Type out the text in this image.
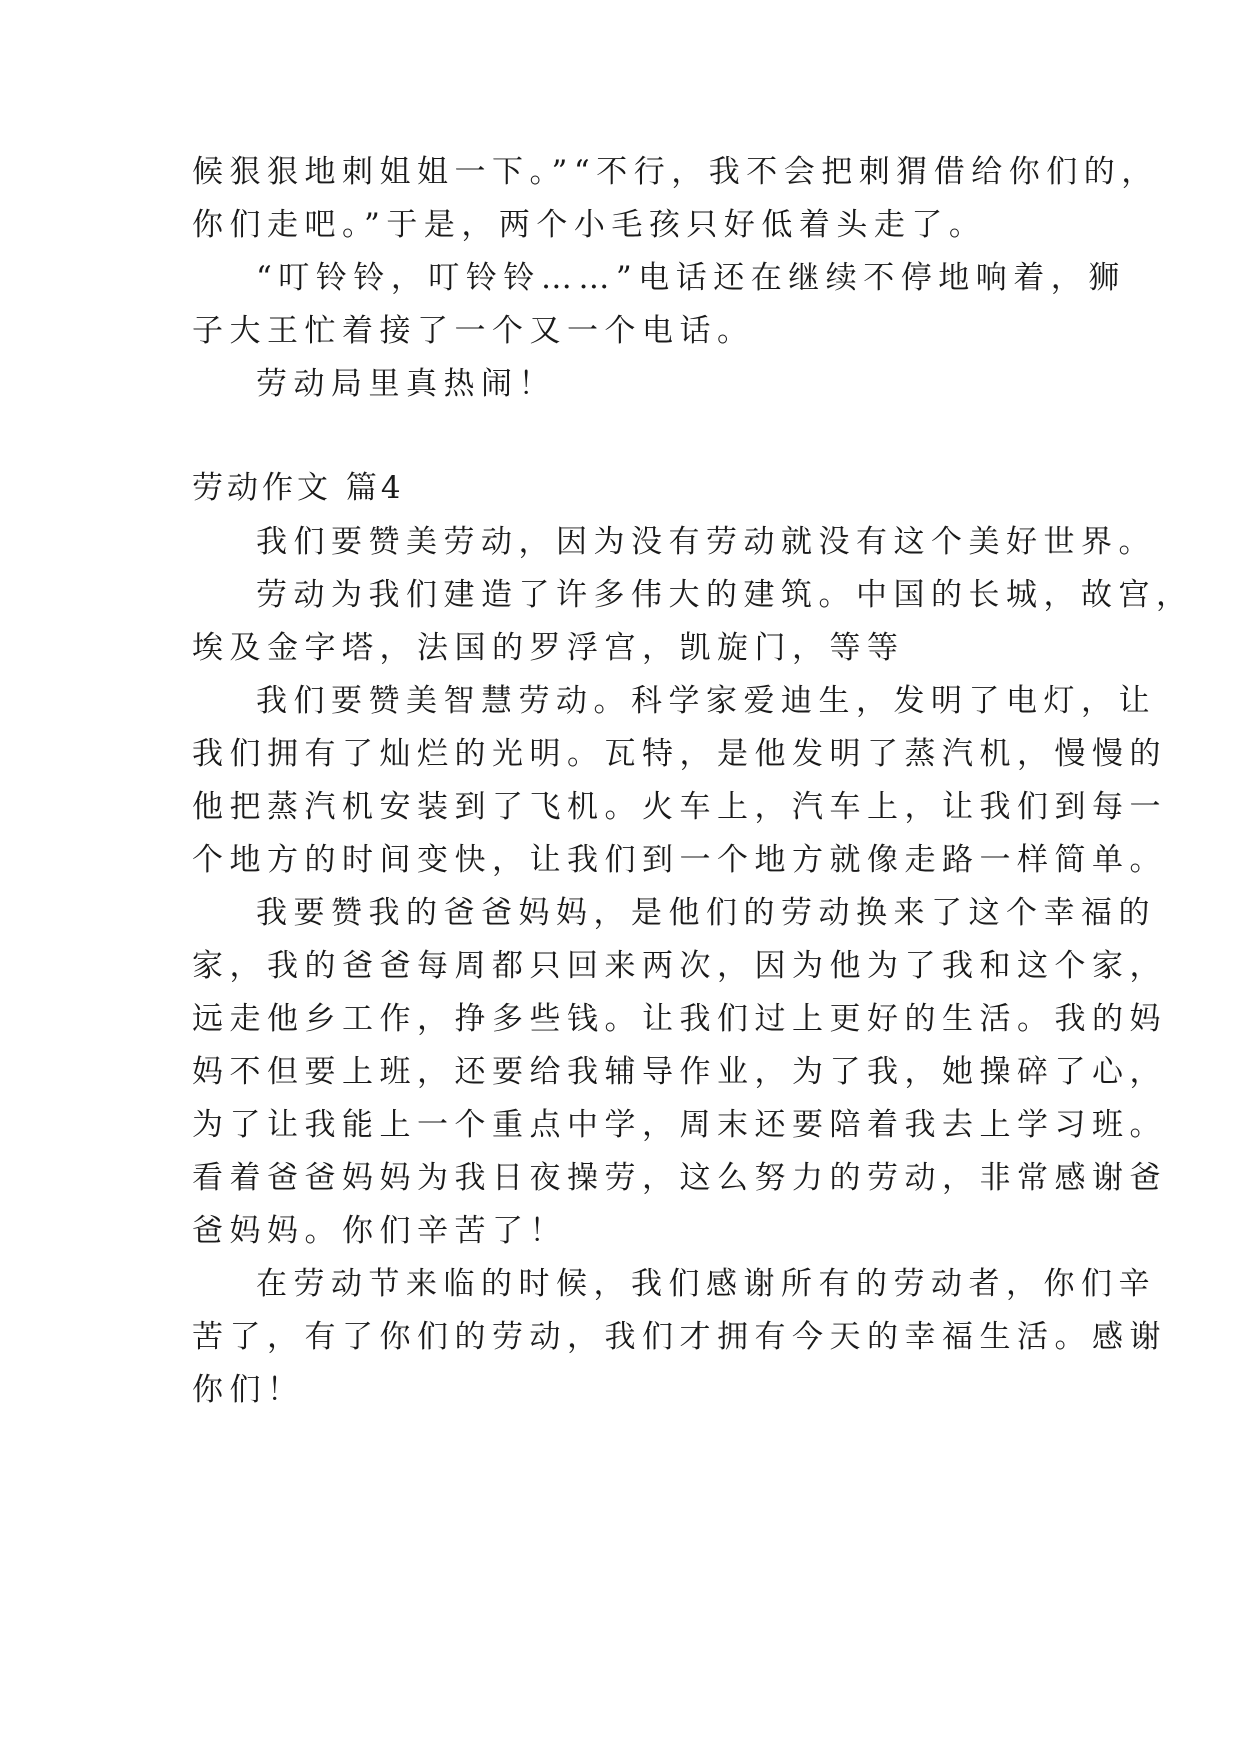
候狠狠地刺姐姐一下。”“不行，我不会把刺猬借给你们的，
你们走吧。”于是，两个小毛孩只好低着头走了。
“叮铃铃，叮铃铃……”电话还在继续不停地响着，狮
子大王忙着接了一个又一个电话。
劳动局里真热闹！
劳动作文 篇4
我们要赞美劳动，因为没有劳动就没有这个美好世界。
劳动为我们建造了许多伟大的建筑。中国的长城，故宫，
埃及金字塔，法国的罗浮宫，凯旋门，等等
我们要赞美智慧劳动。科学家爱迪生，发明了电灯，让
我们拥有了灿烂的光明。瓦特，是他发明了蒸汽机，慢慢的
他把蒸汽机安装到了飞机。火车上，汽车上，让我们到每一
个地方的时间变快，让我们到一个地方就像走路一样简单。
我要赞我的爸爸妈妈，是他们的劳动换来了这个幸福的
家，我的爸爸每周都只回来两次，因为他为了我和这个家，
远走他乡工作，挣多些钱。让我们过上更好的生活。我的妈
妈不但要上班，还要给我辅导作业，为了我，她操碎了心，
为了让我能上一个重点中学，周末还要陪着我去上学习班。
看着爸爸妈妈为我日夜操劳，这么努力的劳动，非常感谢爸
爸妈妈。你们辛苦了！
在劳动节来临的时候，我们感谢所有的劳动者，你们辛
苦了，有了你们的劳动，我们才拥有今天的幸福生活。感谢
你们！
